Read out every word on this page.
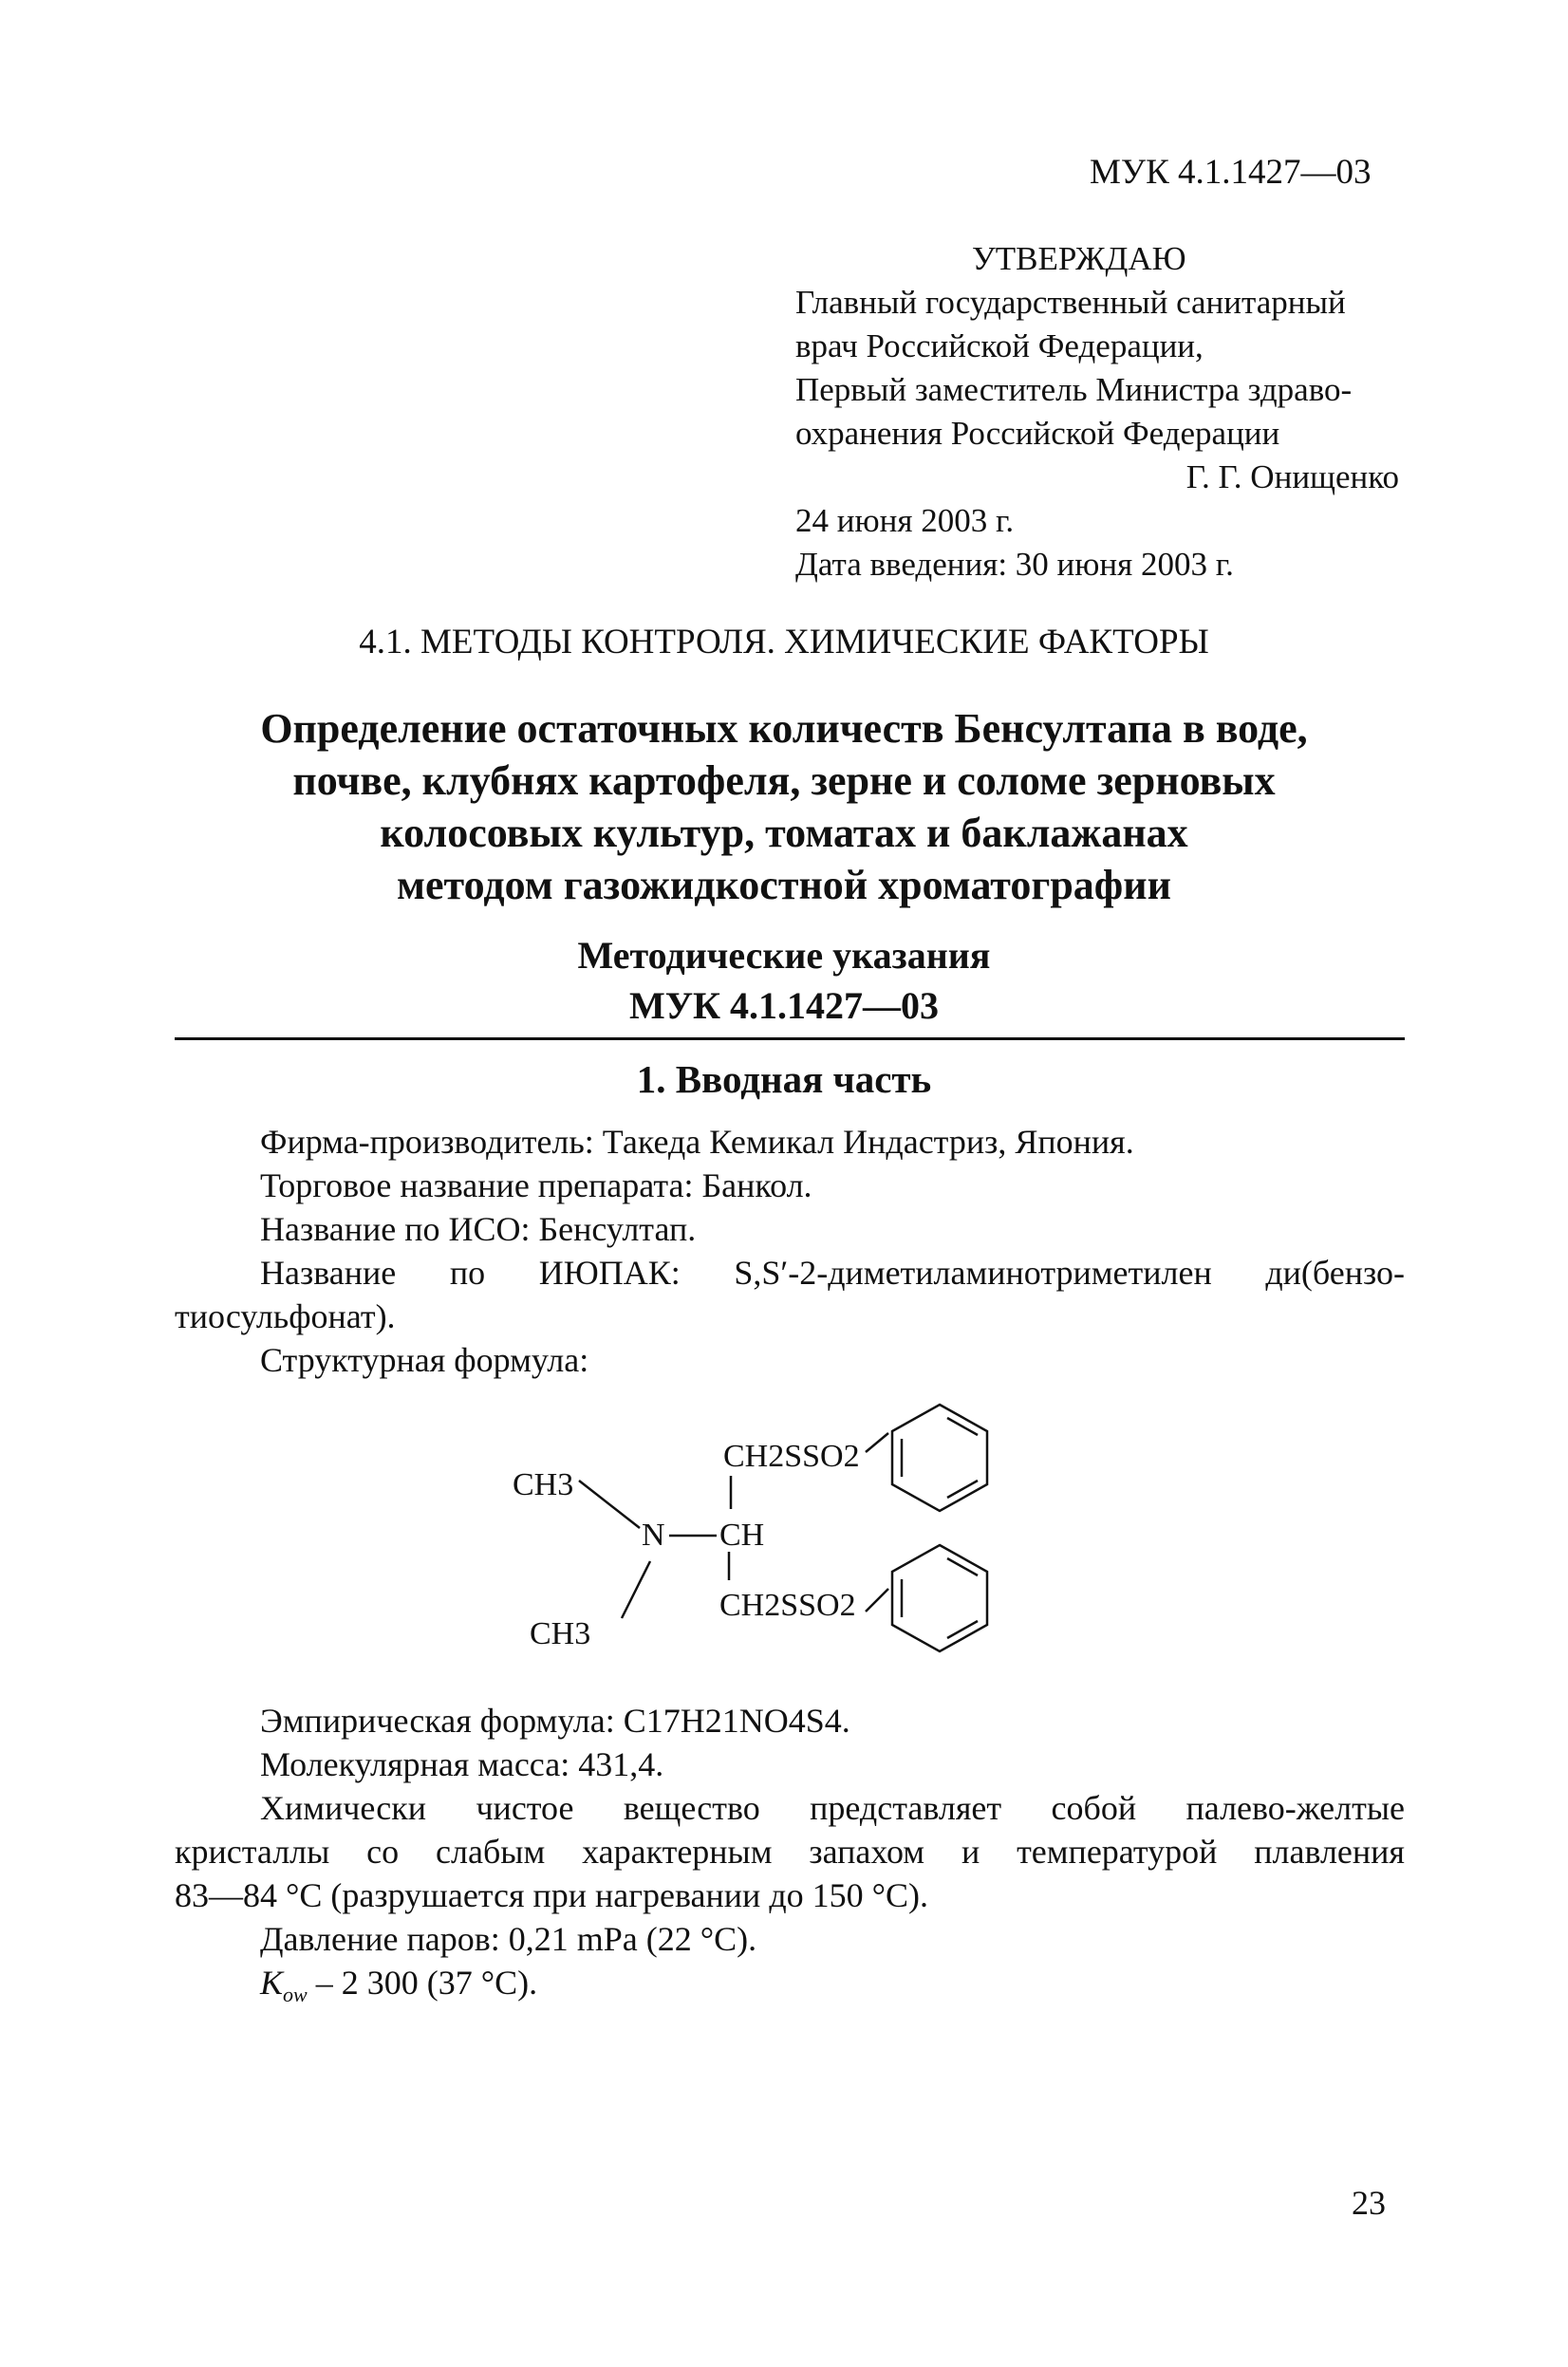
МУК 4.1.1427—03
УТВЕРЖДАЮ
Главный государственный санитарный
врач Российской Федерации,
Первый заместитель Министра здраво-
охранения Российской Федерации
Г. Г. Онищенко
24 июня 2003 г.
Дата введения: 30 июня 2003 г.
4.1. МЕТОДЫ КОНТРОЛЯ. ХИМИЧЕСКИЕ ФАКТОРЫ
Определение остаточных количеств Бенсултапа в воде,
почве, клубнях картофеля, зерне и соломе зерновых
колосовых культур, томатах и баклажанах
методом газожидкостной хроматографии
Методические указания
МУК 4.1.1427—03
1. Вводная часть
Фирма-производитель: Такеда Кемикал Индастриз, Япония.
Торговое название препарата: Банкол.
Название по ИСО: Бенсултап.
Название по ИЮПАК: S,S′-2-диметиламинотриметилен ди(бензо-
тиосульфонат).
Структурная формула:
CH3
CH3
N CH
CH2SSO2
CH2SSO2
Эмпирическая формула: C17H21NO4S4.
Молекулярная масса: 431,4.
Химически чистое вещество представляет собой палево-желтые
кристаллы со слабым характерным запахом и температурой плавления
83—84 °С (разрушается при нагревании до 150 °С).
Давление паров: 0,21 mPa (22 °С).
$K_{ow} - 2$ 300 (37 °С).
23
